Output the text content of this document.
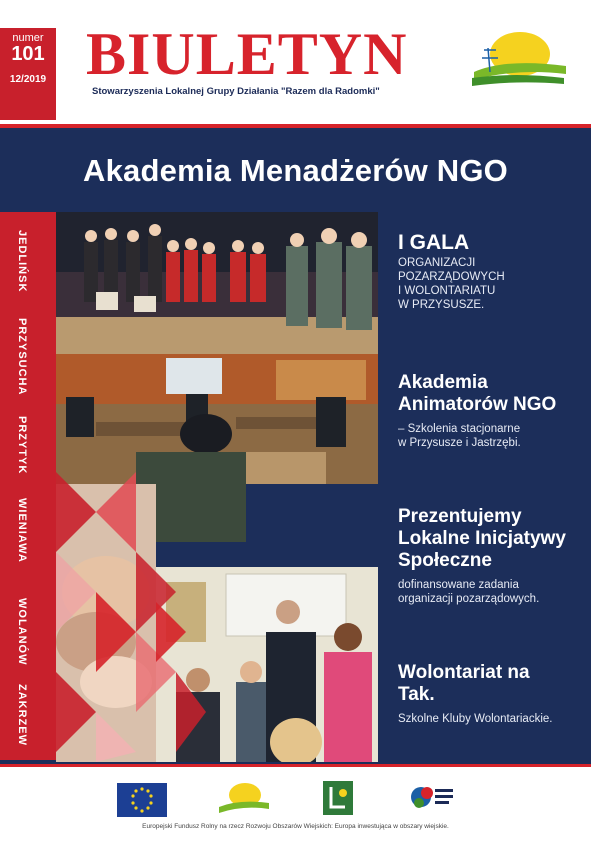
numer
101
12/2019 BIULETYN
Stowarzyszenia Lokalnej Grupy Działania "Razem dla Radomki"
Akademia Menadżerów NGO
JEDLIŃSK
PRZYSUCHA
PRZYTYK
WIENIAWA
WOLANÓW
ZAKRZEW
I GALA
ORGANIZACJI
POZARZĄDOWYCH
I WOLONTARIATU
W PRZYSUSZE.
Akademia
Animatorów NGO
– Szkolenia stacjonarne
w Przysusze i Jastrzębi.
Prezentujemy
Lokalne Inicjatywy
Społeczne
dofinansowane zadania
organizacji pozarządowych.
Wolontariat na
Tak.
Szkolne Kluby Wolontariackie.
Europejski Fundusz Rolny na rzecz Rozwoju Obszarów Wiejskich: Europa inwestująca w obszary wiejskie.
